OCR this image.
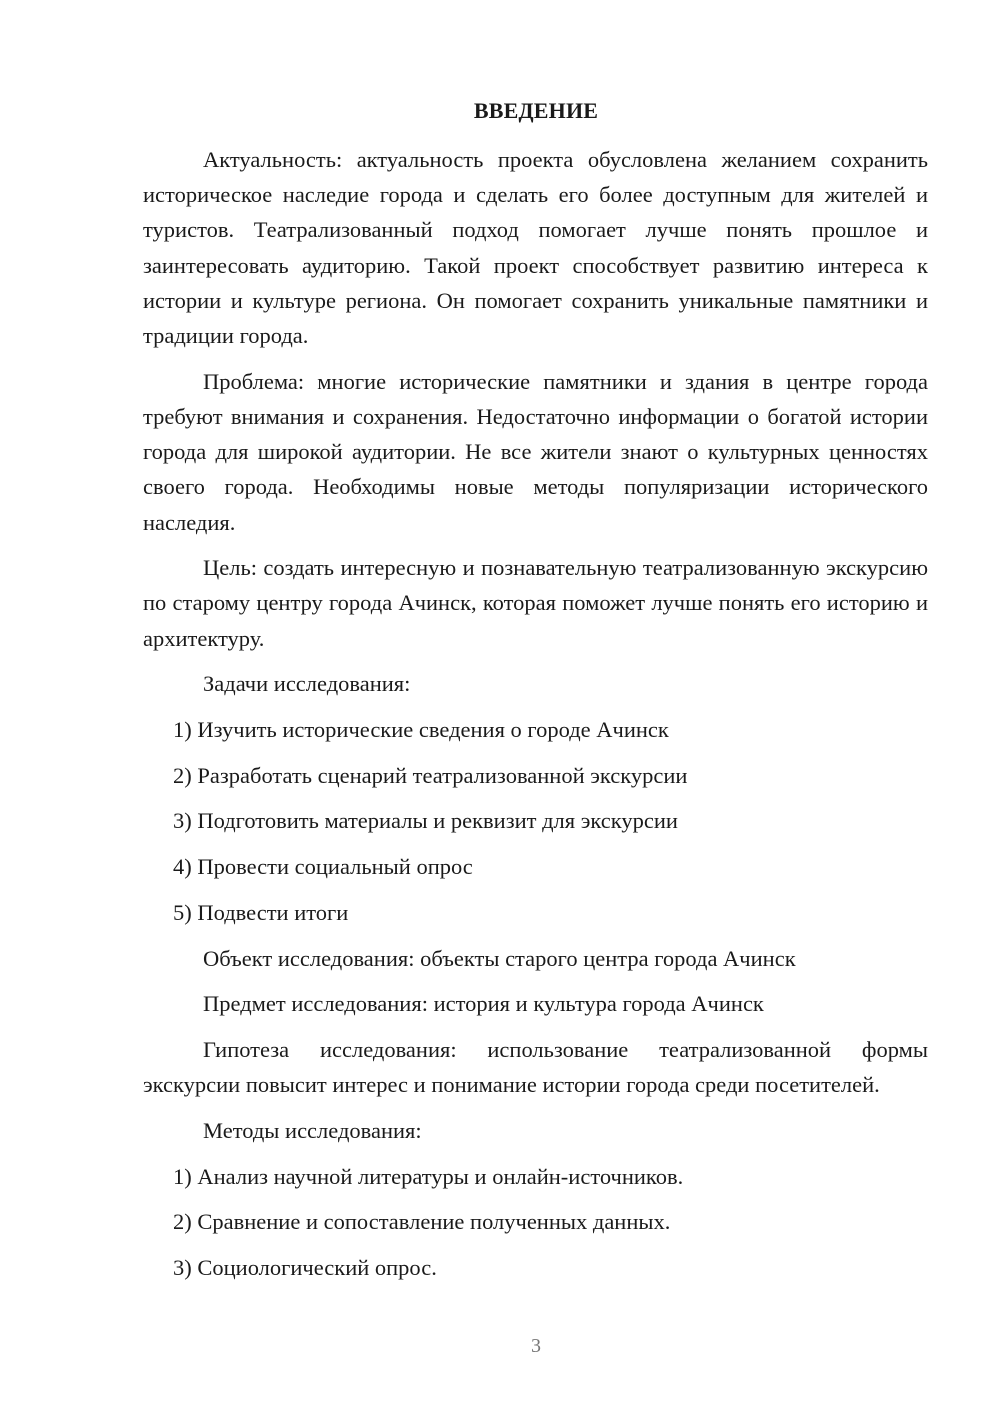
ВВЕДЕНИЕ

Актуальность: актуальность проекта обусловлена желанием сохранить историческое наследие города и сделать его более доступным для жителей и туристов. Театрализованный подход помогает лучше понять прошлое и заинтересовать аудиторию. Такой проект способствует развитию интереса к истории и культуре региона. Он помогает сохранить уникальные памятники и традиции города.

Проблема: многие исторические памятники и здания в центре города требуют внимания и сохранения. Недостаточно информации о богатой истории города для широкой аудитории. Не все жители знают о культурных ценностях своего города. Необходимы новые методы популяризации исторического наследия.

Цель: создать интересную и познавательную театрализованную экскурсию по старому центру города Ачинск, которая поможет лучше понять его историю и архитектуру.

Задачи исследования:
1) Изучить исторические сведения о городе Ачинск
2) Разработать сценарий театрализованной экскурсии
3) Подготовить материалы и реквизит для экскурсии
4) Провести социальный опрос
5) Подвести итоги
Объект исследования: объекты старого центра города Ачинск
Предмет исследования: история и культура города Ачинск

Гипотеза исследования: использование театрализованной формы экскурсии повысит интерес и понимание истории города среди посетителей.

Методы исследования:
1) Анализ научной литературы и онлайн-источников.
2) Сравнение и сопоставление полученных данных.
3) Социологический опрос.
3
